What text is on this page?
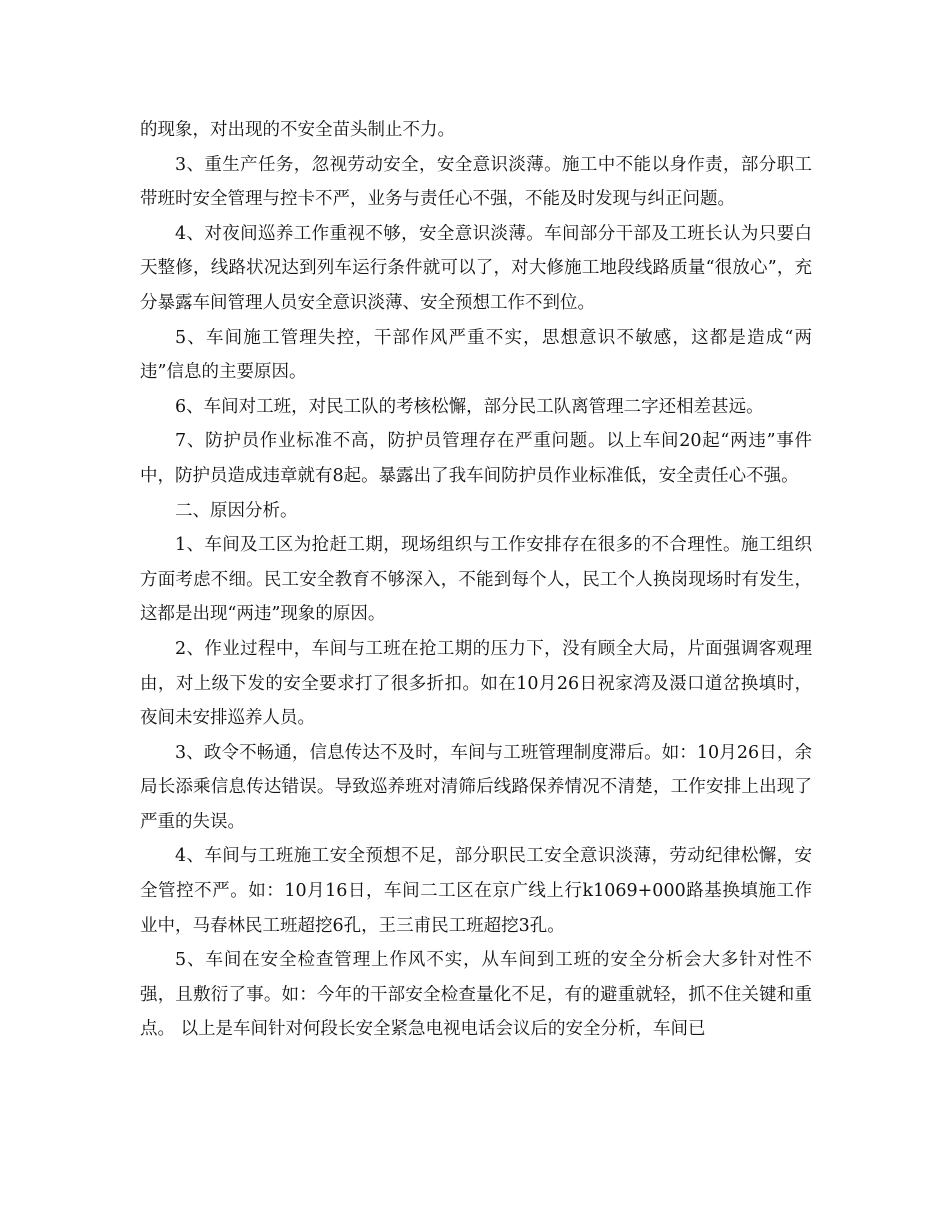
的现象，对出现的不安全苗头制止不力。

3、重生产任务，忽视劳动安全，安全意识淡薄。施工中不能以身作责，部分职工带班时安全管理与控卡不严，业务与责任心不强，不能及时发现与纠正问题。

4、对夜间巡养工作重视不够，安全意识淡薄。车间部分干部及工班长认为只要白天整修，线路状况达到列车运行条件就可以了，对大修施工地段线路质量“很放心”，充分暴露车间管理人员安全意识淡薄、安全预想工作不到位。

5、车间施工管理失控，干部作风严重不实，思想意识不敏感，这都是造成“两违”信息的主要原因。

6、车间对工班，对民工队的考核松懈，部分民工队离管理二字还相差甚远。

7、防护员作业标准不高，防护员管理存在严重问题。以上车间20起“两违”事件中，防护员造成违章就有8起。暴露出了我车间防护员作业标准低，安全责任心不强。

二、原因分析。

1、车间及工区为抢赶工期，现场组织与工作安排存在很多的不合理性。施工组织方面考虑不细。民工安全教育不够深入，不能到每个人，民工个人换岗现场时有发生，这都是出现“两违”现象的原因。

2、作业过程中，车间与工班在抢工期的压力下，没有顾全大局，片面强调客观理由，对上级下发的安全要求打了很多折扣。如在10月26日祝家湾及滠口道岔换填时，夜间未安排巡养人员。

3、政令不畅通，信息传达不及时，车间与工班管理制度滞后。如：10月26日，余局长添乘信息传达错误。导致巡养班对清筛后线路保养情况不清楚，工作安排上出现了严重的失误。

4、车间与工班施工安全预想不足，部分职民工安全意识淡薄，劳动纪律松懈，安全管控不严。如：10月16日，车间二工区在京广线上行k1069+000路基换填施工作业中，马春林民工班超挖6孔，王三甫民工班超挖3孔。

5、车间在安全检查管理上作风不实，从车间到工班的安全分析会大多针对性不强，且敷衍了事。如：今年的干部安全检查量化不足，有的避重就轻，抓不住关键和重点。 以上是车间针对何段长安全紧急电视电话会议后的安全分析，车间已
